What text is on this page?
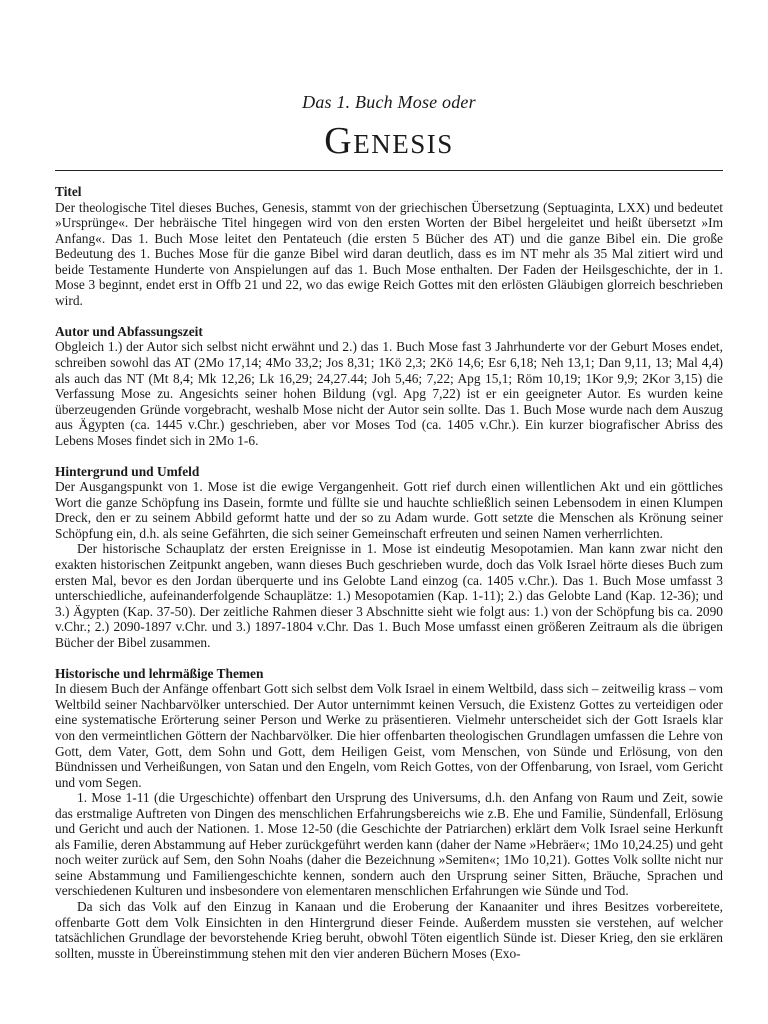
Das 1. Buch Mose oder
Genesis
Titel

Der theologische Titel dieses Buches, Genesis, stammt von der griechischen Übersetzung (Septuaginta, LXX) und bedeutet »Ursprünge«. Der hebräische Titel hingegen wird von den ersten Worten der Bibel hergeleitet und heißt übersetzt »Im Anfang«. Das 1. Buch Mose leitet den Pentateuch (die ersten 5 Bücher des AT) und die ganze Bibel ein. Die große Bedeutung des 1. Buches Mose für die ganze Bibel wird daran deutlich, dass es im NT mehr als 35 Mal zitiert wird und beide Testamente Hunderte von Anspielungen auf das 1. Buch Mose enthalten. Der Faden der Heilsgeschichte, der in 1. Mose 3 beginnt, endet erst in Offb 21 und 22, wo das ewige Reich Gottes mit den erlösten Gläubigen glorreich beschrieben wird.

Autor und Abfassungszeit

Obgleich 1.) der Autor sich selbst nicht erwähnt und 2.) das 1. Buch Mose fast 3 Jahrhunderte vor der Geburt Moses endet, schreiben sowohl das AT (2Mo 17,14; 4Mo 33,2; Jos 8,31; 1Kö 2,3; 2Kö 14,6; Esr 6,18; Neh 13,1; Dan 9,11, 13; Mal 4,4) als auch das NT (Mt 8,4; Mk 12,26; Lk 16,29; 24,27.44; Joh 5,46; 7,22; Apg 15,1; Röm 10,19; 1Kor 9,9; 2Kor 3,15) die Verfassung Mose zu. Angesichts seiner hohen Bildung (vgl. Apg 7,22) ist er ein geeigneter Autor. Es wurden keine überzeugenden Gründe vorgebracht, weshalb Mose nicht der Autor sein sollte. Das 1. Buch Mose wurde nach dem Auszug aus Ägypten (ca. 1445 v.Chr.) geschrieben, aber vor Moses Tod (ca. 1405 v.Chr.). Ein kurzer biografischer Abriss des Lebens Moses findet sich in 2Mo 1-6.

Hintergrund und Umfeld

Der Ausgangspunkt von 1. Mose ist die ewige Vergangenheit. Gott rief durch einen willentlichen Akt und ein göttliches Wort die ganze Schöpfung ins Dasein, formte und füllte sie und hauchte schließlich seinen Lebensodem in einen Klumpen Dreck, den er zu seinem Abbild geformt hatte und der so zu Adam wurde. Gott setzte die Menschen als Krönung seiner Schöpfung ein, d.h. als seine Gefährten, die sich seiner Gemeinschaft erfreuten und seinen Namen verherrlichten.

Der historische Schauplatz der ersten Ereignisse in 1. Mose ist eindeutig Mesopotamien. Man kann zwar nicht den exakten historischen Zeitpunkt angeben, wann dieses Buch geschrieben wurde, doch das Volk Israel hörte dieses Buch zum ersten Mal, bevor es den Jordan überquerte und ins Gelobte Land einzog (ca. 1405 v.Chr.). Das 1. Buch Mose umfasst 3 unterschiedliche, aufeinanderfolgende Schauplätze: 1.) Mesopotamien (Kap. 1-11); 2.) das Gelobte Land (Kap. 12-36); und 3.) Ägypten (Kap. 37-50). Der zeitliche Rahmen dieser 3 Abschnitte sieht wie folgt aus: 1.) von der Schöpfung bis ca. 2090 v.Chr.; 2.) 2090-1897 v.Chr. und 3.) 1897-1804 v.Chr. Das 1. Buch Mose umfasst einen größeren Zeitraum als die übrigen Bücher der Bibel zusammen.

Historische und lehrmäßige Themen

In diesem Buch der Anfänge offenbart Gott sich selbst dem Volk Israel in einem Weltbild, dass sich – zeitweilig krass – vom Weltbild seiner Nachbarvölker unterschied. Der Autor unternimmt keinen Versuch, die Existenz Gottes zu verteidigen oder eine systematische Erörterung seiner Person und Werke zu präsentieren. Vielmehr unterscheidet sich der Gott Israels klar von den vermeintlichen Göttern der Nachbarvölker. Die hier offenbarten theologischen Grundlagen umfassen die Lehre von Gott, dem Vater, Gott, dem Sohn und Gott, dem Heiligen Geist, vom Menschen, von Sünde und Erlösung, von den Bündnissen und Verheißungen, von Satan und den Engeln, vom Reich Gottes, von der Offenbarung, von Israel, vom Gericht und vom Segen.

1. Mose 1-11 (die Urgeschichte) offenbart den Ursprung des Universums, d.h. den Anfang von Raum und Zeit, sowie das erstmalige Auftreten von Dingen des menschlichen Erfahrungsbereichs wie z.B. Ehe und Familie, Sündenfall, Erlösung und Gericht und auch der Nationen. 1. Mose 12-50 (die Geschichte der Patriarchen) erklärt dem Volk Israel seine Herkunft als Familie, deren Abstammung auf Heber zurückgeführt werden kann (daher der Name »Hebräer«; 1Mo 10,24.25) und geht noch weiter zurück auf Sem, den Sohn Noahs (daher die Bezeichnung »Semiten«; 1Mo 10,21). Gottes Volk sollte nicht nur seine Abstammung und Familiengeschichte kennen, sondern auch den Ursprung seiner Sitten, Bräuche, Sprachen und verschiedenen Kulturen und insbesondere von elementaren menschlichen Erfahrungen wie Sünde und Tod.

Da sich das Volk auf den Einzug in Kanaan und die Eroberung der Kanaaniter und ihres Besitzes vorbereitete, offenbarte Gott dem Volk Einsichten in den Hintergrund dieser Feinde. Außerdem mussten sie verstehen, auf welcher tatsächlichen Grundlage der bevorstehende Krieg beruht, obwohl Töten eigentlich Sünde ist. Dieser Krieg, den sie erklären sollten, musste in Übereinstimmung stehen mit den vier anderen Büchern Moses (Exo-
